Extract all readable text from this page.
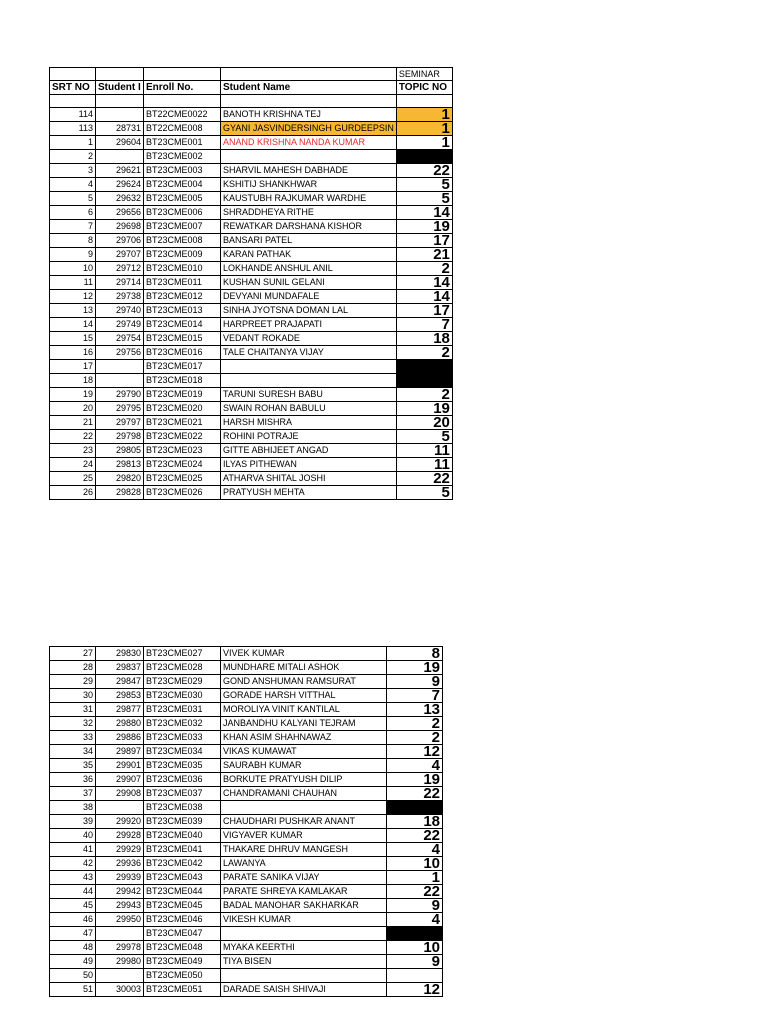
				SEMINAR
SRT NO	Student I	Enroll No.	Student Name	TOPIC NO

114		BT22CME0022	BANOTH KRISHNA TEJ	1
113	28731	BT22CME008	GYANI JASVINDERSINGH GURDEEPSIN	1
1	29604	BT23CME001	ANAND KRISHNA NANDA KUMAR	1
2		BT23CME002		
3	29621	BT23CME003	SHARVIL MAHESH DABHADE	22
4	29624	BT23CME004	KSHITIJ SHANKHWAR	5
5	29632	BT23CME005	KAUSTUBH RAJKUMAR WARDHE	5
6	29656	BT23CME006	SHRADDHEYA RITHE	14
7	29698	BT23CME007	REWATKAR DARSHANA KISHOR	19
8	29706	BT23CME008	BANSARI PATEL	17
9	29707	BT23CME009	KARAN PATHAK	21
10	29712	BT23CME010	LOKHANDE ANSHUL ANIL	2
11	29714	BT23CME011	KUSHAN SUNIL GELANI	14
12	29738	BT23CME012	DEVYANI MUNDAFALE	14
13	29740	BT23CME013	SINHA JYOTSNA DOMAN LAL	17
14	29749	BT23CME014	HARPREET PRAJAPATI	7
15	29754	BT23CME015	VEDANT ROKADE	18
16	29756	BT23CME016	TALE CHAITANYA VIJAY	2
17		BT23CME017		
18		BT23CME018		
19	29790	BT23CME019	TARUNI SURESH BABU	2
20	29795	BT23CME020	SWAIN ROHAN BABULU	19
21	29797	BT23CME021	HARSH MISHRA	20
22	29798	BT23CME022	ROHINI POTRAJE	5
23	29805	BT23CME023	GITTE ABHIJEET ANGAD	11
24	29813	BT23CME024	ILYAS PITHEWAN	11
25	29820	BT23CME025	ATHARVA SHITAL JOSHI	22
26	29828	BT23CME026	PRATYUSH MEHTA	5
27	29830	BT23CME027	VIVEK KUMAR	8
28	29837	BT23CME028	MUNDHARE MITALI ASHOK	19
29	29847	BT23CME029	GOND ANSHUMAN RAMSURAT	9
30	29853	BT23CME030	GORADE HARSH VITTHAL	7
31	29877	BT23CME031	MOROLIYA VINIT KANTILAL	13
32	29880	BT23CME032	JANBANDHU KALYANI TEJRAM	2
33	29886	BT23CME033	KHAN ASIM SHAHNAWAZ	2
34	29897	BT23CME034	VIKAS KUMAWAT	12
35	29901	BT23CME035	SAURABH KUMAR	4
36	29907	BT23CME036	BORKUTE PRATYUSH DILIP	19
37	29908	BT23CME037	CHANDRAMANI CHAUHAN	22
38		BT23CME038		
39	29920	BT23CME039	CHAUDHARI PUSHKAR ANANT	18
40	29928	BT23CME040	VIGYAVER KUMAR	22
41	29929	BT23CME041	THAKARE DHRUV MANGESH	4
42	29936	BT23CME042	LAWANYA	10
43	29939	BT23CME043	PARATE SANIKA VIJAY	1
44	29942	BT23CME044	PARATE SHREYA KAMLAKAR	22
45	29943	BT23CME045	BADAL MANOHAR SAKHARKAR	9
46	29950	BT23CME046	VIKESH KUMAR	4
47		BT23CME047		
48	29978	BT23CME048	MYAKA KEERTHI	10
49	29980	BT23CME049	TIYA BISEN	9
50		BT23CME050		
51	30003	BT23CME051	DARADE SAISH SHIVAJI	12
